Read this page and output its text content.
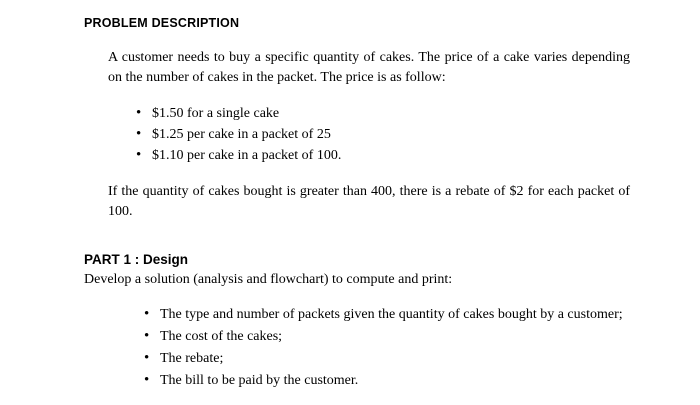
PROBLEM DESCRIPTION

A customer needs to buy a specific quantity of cakes. The price of a cake varies depending on the number of cakes in the packet. The price is as follow:

• $1.50 for a single cake
• $1.25 per cake in a packet of 25
• $1.10 per cake in a packet of 100.

If the quantity of cakes bought is greater than 400, there is a rebate of $2 for each packet of 100.

PART 1 : Design

Develop a solution (analysis and flowchart) to compute and print:

• The type and number of packets given the quantity of cakes bought by a customer;
• The cost of the cakes;
• The rebate;
• The bill to be paid by the customer.
